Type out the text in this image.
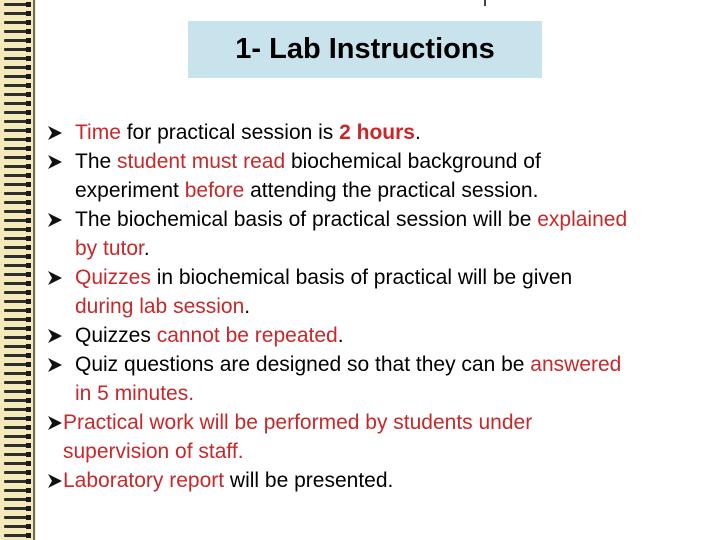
1- Lab Instructions
Time for practical session is 2 hours.
The student must read biochemical background of
experiment before attending the practical session.
The biochemical basis of practical session will be explained
by tutor.
Quizzes in biochemical basis of practical will be given
during lab session.
Quizzes cannot be repeated.
Quiz questions are designed so that they can be answered
in 5 minutes.
Practical work will be performed by students under
supervision of staff.
Laboratory report will be presented.
